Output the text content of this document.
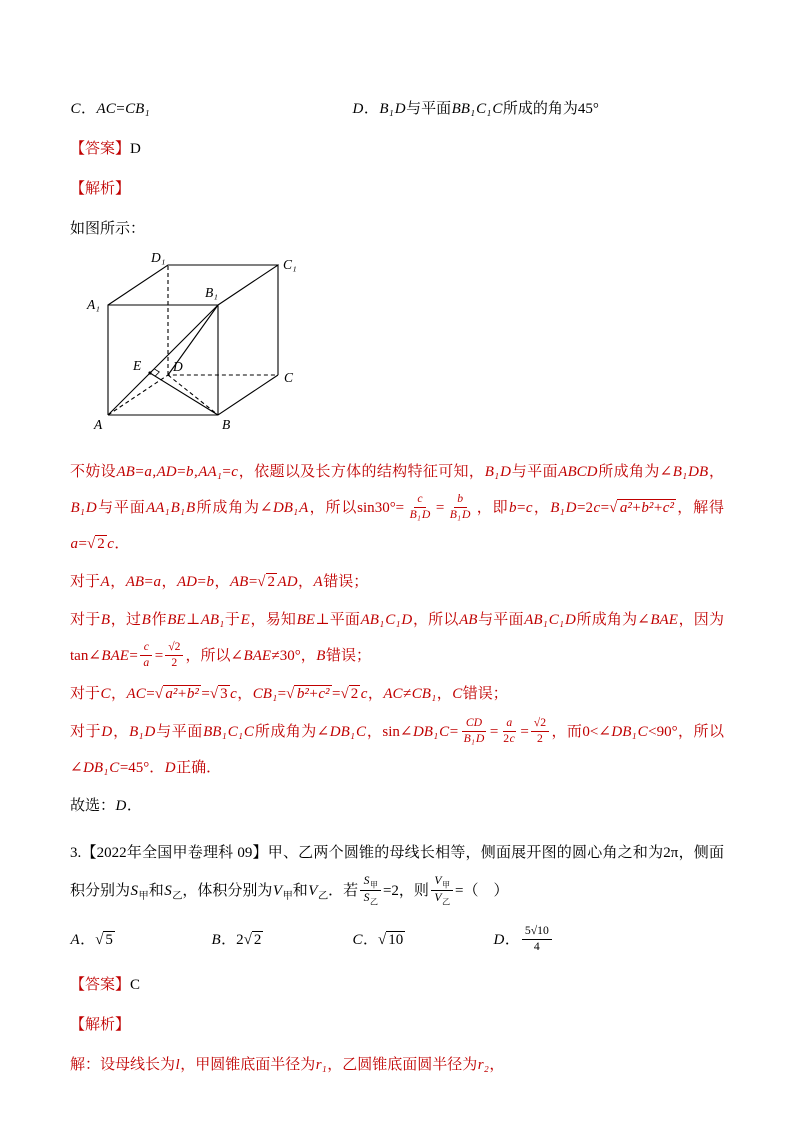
C．AC=CB₁	D．B₁D与平面BB₁C₁C所成的角为45°
【答案】D
【解析】
如图所示：
A	B
C
D
E
A₁
B₁
C₁
D₁
不妨设AB=a,AD=b,AA₁=c，依题以及长方体的结构特征可知，B₁D与平面ABCD所成角为∠B₁DB，B₁D与平面AA₁B₁B所成角为∠DB₁A，所以$\sin 30^\circ= \frac{c}{\text{B₁D}} = \frac{b}{\text{B₁D}}$ ，即b=c，B₁D=2c=√ a²+b²+c² ，解得a=√ 2 c．
对于A，AB=a，AD=b，AB=√ 2 AD，A错误；
对于B，过B作BE⊥AB₁于E，易知BE⊥平面AB₁C₁D，所以AB与平面AB₁C₁D所成角为∠BAE，因为tan∠BAE= $\frac{c}{a} = \frac{√2}{2}$ ，所以∠BAE≠30°，B错误；
对于C，AC=√ a²+b² =√ 3 c，CB₁=√ b²+c² =√ 2 c，AC≠CB₁，C错误；
对于D，B₁D与平面BB₁C₁C所成角为∠DB₁C，sin∠DB₁C= $\frac{CD}{\text{B₁D}} = \frac{a}{2c} = \frac{√2}{2}$ ，而0<∠DB₁C<90°，所以∠DB₁C=45°．D正确．
故选：D．
3.【2022年全国甲卷理科 09】甲、乙两个圆锥的母线长相等，侧面展开图的圆心角之和为2π，侧面积分别为$S_甲$和$S_乙$，体积分别为$V_甲$和$V_乙$．若 $\frac{S_甲}{S_乙} =2$，则 $\frac{V_甲}{V_乙}$ =（　）
A．√ 5	B．2√ 2	C．√ 10	D． $\frac{5√10}{4}$
【答案】C
【解析】
解：设母线长为l，甲圆锥底面半径为r₁，乙圆锥底面圆半径为r₂，
